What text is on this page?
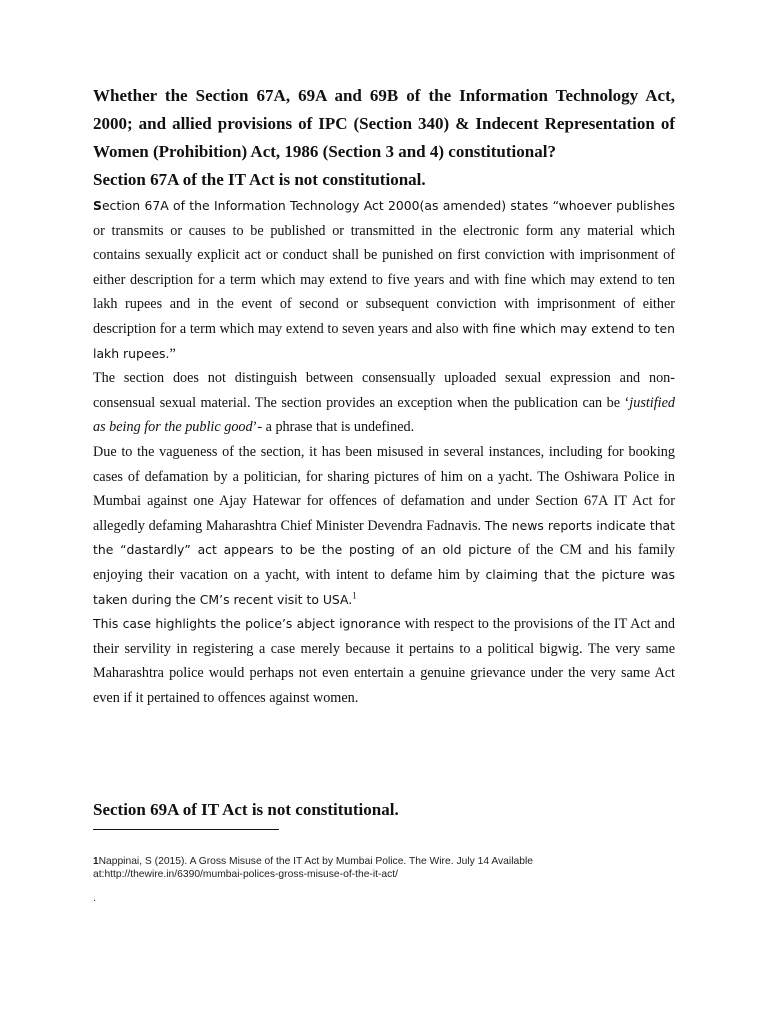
Whether the Section 67A, 69A and 69B of the Information Technology Act, 2000; and allied provisions of IPC (Section 340) & Indecent Representation of Women (Prohibition) Act, 1986 (Section 3 and 4) constitutional?

Section 67A of the IT Act is not constitutional.

Section 67A of the Information Technology Act 2000(as amended) states “whoever publishes or transmits or causes to be published or transmitted in the electronic form any material which contains sexually explicit act or conduct shall be punished on first conviction with imprisonment of either description for a term which may extend to five years and with fine which may extend to ten lakh rupees and in the event of second or subsequent conviction with imprisonment of either description for a term which may extend to seven years and also with fine which may extend to ten lakh rupees.”

The section does not distinguish between consensually uploaded sexual expression and non-consensual sexual material. The section provides an exception when the publication can be ‘justified as being for the public good’- a phrase that is undefined.

Due to the vagueness of the section, it has been misused in several instances, including for booking cases of defamation by a politician, for sharing pictures of him on a yacht. The Oshiwara Police in Mumbai against one Ajay Hatewar for offences of defamation and under Section 67A IT Act for allegedly defaming Maharashtra Chief Minister Devendra Fadnavis. The news reports indicate that the “dastardly” act appears to be the posting of an old picture of the CM and his family enjoying their vacation on a yacht, with intent to defame him by claiming that the picture was taken during the CM’s recent visit to USA.$^1$

This case highlights the police’s abject ignorance with respect to the provisions of the IT Act and their servility in registering a case merely because it pertains to a political bigwig. The very same Maharashtra police would perhaps not even entertain a genuine grievance under the very same Act even if it pertained to offences against women.

Section 69A of IT Act is not constitutional.

1Nappinai, S (2015). A Gross Misuse of the IT Act by Mumbai Police. The Wire. July 14 Available at:http://thewire.in/6390/mumbai-polices-gross-misuse-of-the-it-act/
.
